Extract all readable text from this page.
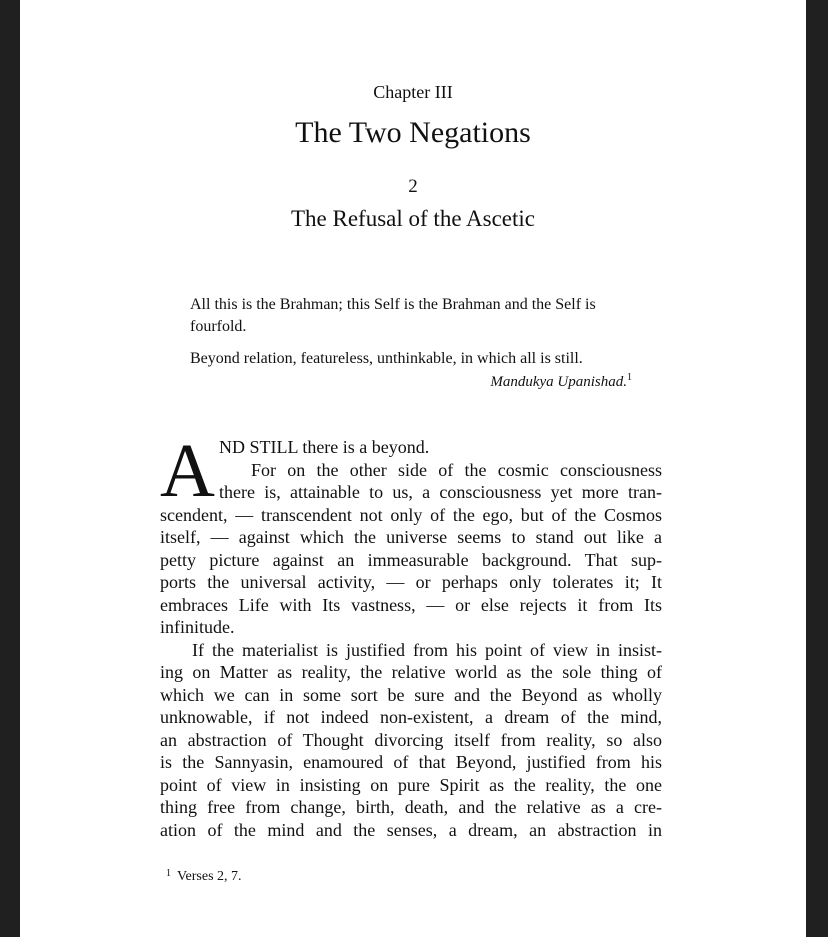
Chapter III
The Two Negations
2
The Refusal of the Ascetic
All this is the Brahman; this Self is the Brahman and the Self is fourfold.
Beyond relation, featureless, unthinkable, in which all is still.
Mandukya Upanishad.$^1$
A ND STILL there is a beyond.
For on the other side of the cosmic consciousness
there is, attainable to us, a consciousness yet more tran-
scendent, — transcendent not only of the ego, but of the Cosmos
itself, — against which the universe seems to stand out like a
petty picture against an immeasurable background. That sup-
ports the universal activity, — or perhaps only tolerates it; It
embraces Life with Its vastness, — or else rejects it from Its
infinitude.
If the materialist is justified from his point of view in insist-
ing on Matter as reality, the relative world as the sole thing of
which we can in some sort be sure and the Beyond as wholly
unknowable, if not indeed non-existent, a dream of the mind,
an abstraction of Thought divorcing itself from reality, so also
is the Sannyasin, enamoured of that Beyond, justified from his
point of view in insisting on pure Spirit as the reality, the one
thing free from change, birth, death, and the relative as a cre-
ation of the mind and the senses, a dream, an abstraction in
$^1$ Verses 2, 7.
